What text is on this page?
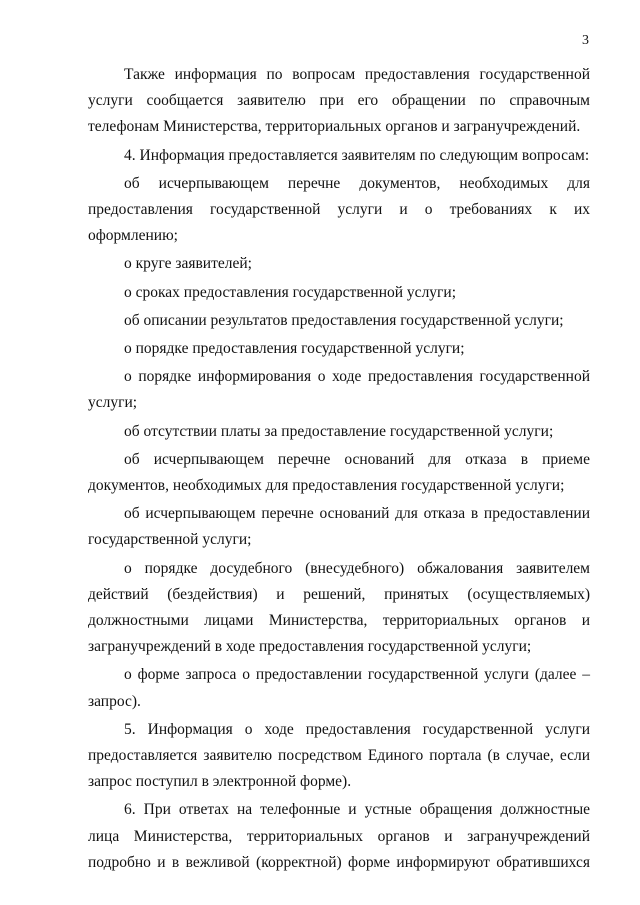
3

Также информация по вопросам предоставления государственной услуги сообщается заявителю при его обращении по справочным телефонам Министерства, территориальных органов и загранучреждений.

4. Информация предоставляется заявителям по следующим вопросам:

об исчерпывающем перечне документов, необходимых для предоставления государственной услуги и о требованиях к их оформлению;

о круге заявителей;

о сроках предоставления государственной услуги;

об описании результатов предоставления государственной услуги;

о порядке предоставления государственной услуги;

о порядке информирования о ходе предоставления государственной услуги;

об отсутствии платы за предоставление государственной услуги;

об исчерпывающем перечне оснований для отказа в приеме документов, необходимых для предоставления государственной услуги;

об исчерпывающем перечне оснований для отказа в предоставлении государственной услуги;

о порядке досудебного (внесудебного) обжалования заявителем действий (бездействия) и решений, принятых (осуществляемых) должностными лицами Министерства, территориальных органов и загранучреждений в ходе предоставления государственной услуги;

о форме запроса о предоставлении государственной услуги (далее – запрос).

5. Информация о ходе предоставления государственной услуги предоставляется заявителю посредством Единого портала (в случае, если запрос поступил в электронной форме).

6. При ответах на телефонные и устные обращения должностные лица Министерства, территориальных органов и загранучреждений подробно и в вежливой (корректной) форме информируют обратившихся
